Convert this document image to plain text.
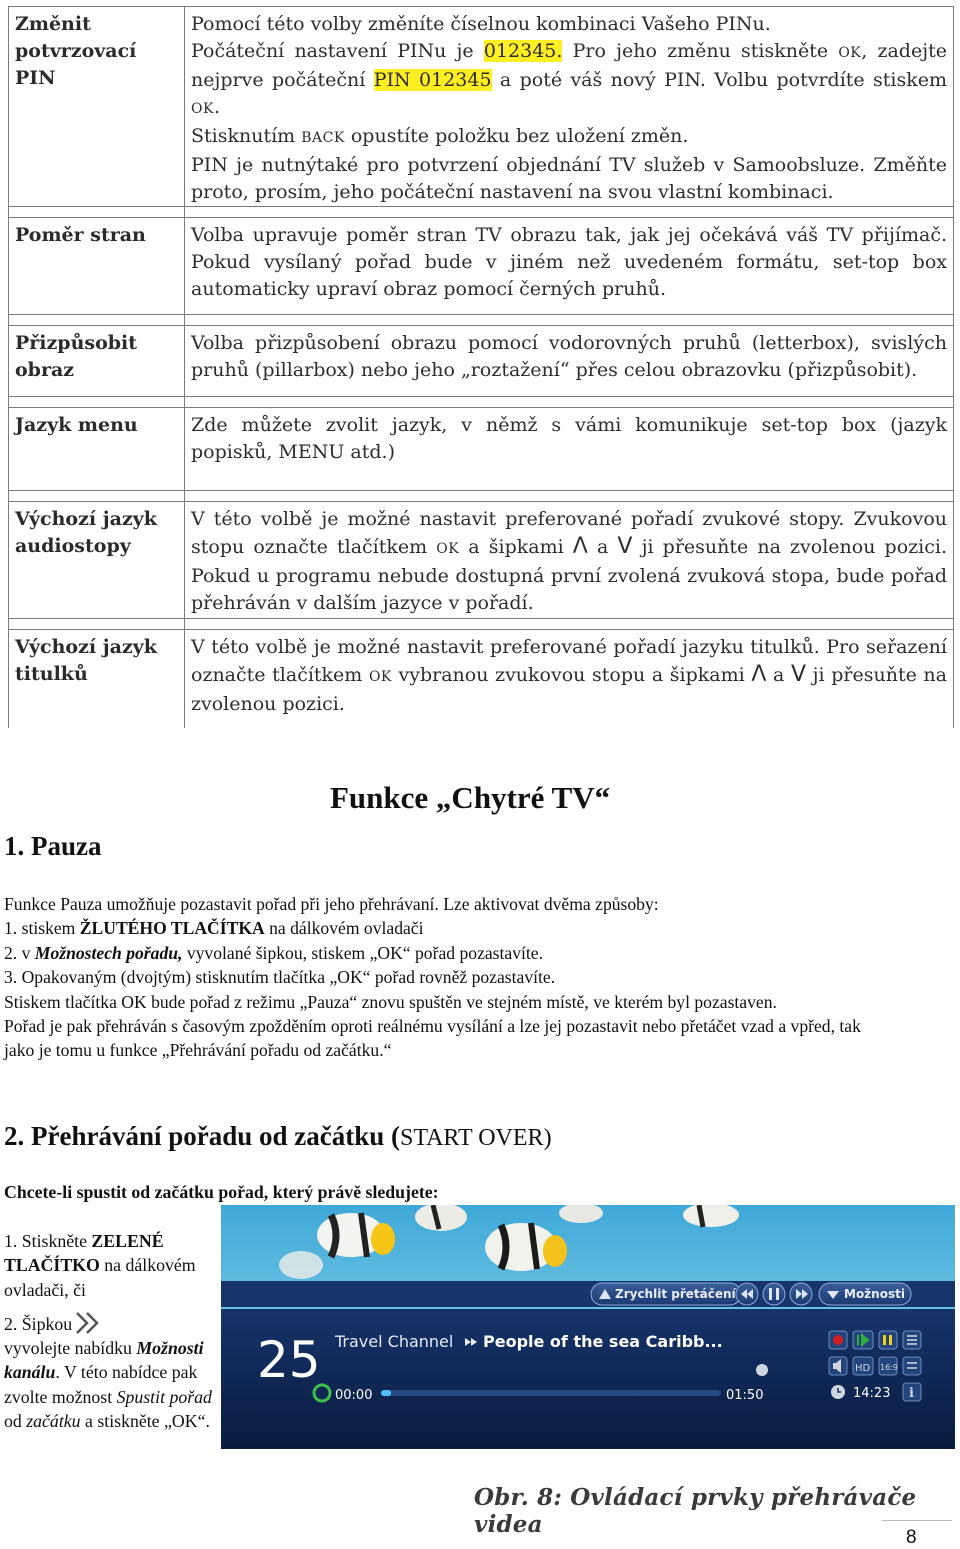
Změnit potvrzovací PIN	Pomocí této volby změníte číselnou kombinaci Vašeho PINu.
Počáteční nastavení PINu je 012345. Pro jeho změnu stiskněte OK, zadejte nejprve počáteční PIN 012345 a poté váš nový PIN. Volbu potvrdíte stiskem OK.
Stisknutím BACK opustíte položku bez uložení změn.
PIN je nutnýtaké pro potvrzení objednání TV služeb v Samoobsluze. Změňte proto, prosím, jeho počáteční nastavení na svou vlastní kombinaci.

Poměr stran	Volba upravuje poměr stran TV obrazu tak, jak jej očekává váš TV přijímač. Pokud vysílaný pořad bude v jiném než uvedeném formátu, set-top box automaticky upraví obraz pomocí černých pruhů.

Přizpůsobit obraz	Volba přizpůsobení obrazu pomocí vodorovných pruhů (letterbox), svislých pruhů (pillarbox) nebo jeho „roztažení“ přes celou obrazovku (přizpůsobit).

Jazyk menu	Zde můžete zvolit jazyk, v němž s vámi komunikuje set-top box (jazyk popisků, MENU atd.)

Výchozí jazyk audiostopy	V této volbě je možné nastavit preferované pořadí zvukové stopy. Zvukovou stopu označte tlačítkem OK a šipkami Λ a V ji přesuňte na zvolenou pozici. Pokud u programu nebude dostupná první zvolená zvuková stopa, bude pořad přehráván v dalším jazyce v pořadí.

Výchozí jazyk titulků	V této volbě je možné nastavit preferované pořadí jazyku titulků. Pro seřazení označte tlačítkem OK vybranou zvukovou stopu a šipkami Λ a V ji přesuňte na zvolenou pozici.
Funkce „Chytré TV“
1. Pauza

Funkce Pauza umožňuje pozastavit pořad při jeho přehrávaní. Lze aktivovat dvěma způsoby:

1. stiskem ŽLUTÉHO TLAČÍTKA na dálkovém ovladači

2. v Možnostech pořadu, vyvolané šipkou, stiskem „OK“ pořad pozastavíte.

3. Opakovaným (dvojtým) stisknutím tlačítka „OK“ pořad rovněž pozastavíte.

Stiskem tlačítka OK bude pořad z režimu „Pauza“ znovu spuštěn ve stejném místě, ve kterém byl pozastaven.

Pořad je pak přehráván s časovým zpožděním oproti reálnému vysílání a lze jej pozastavit nebo přetáčet vzad a vpřed, tak jako je tomu u funkce „Přehrávání pořadu od začátku.“

2. Přehrávání pořadu od začátku (START OVER)

Chcete-li spustit od začátku pořad, který právě sledujete:

1. Stiskněte ZELENÉ TLAČÍTKO na dálkovém ovladači, či

2. Šipkou
vyvolejte nabídku Možnosti kanálu. V této nabídce pak zvolte možnost Spustit pořad od začátku a stiskněte „OK“.

Zrychlit přetáčení	Možnosti
25 Travel Channel People of the sea Caribb...
00:00	01:50
HD 16:9
14:23 i
Obr. 8: Ovládací prvky přehrávače videa	8
